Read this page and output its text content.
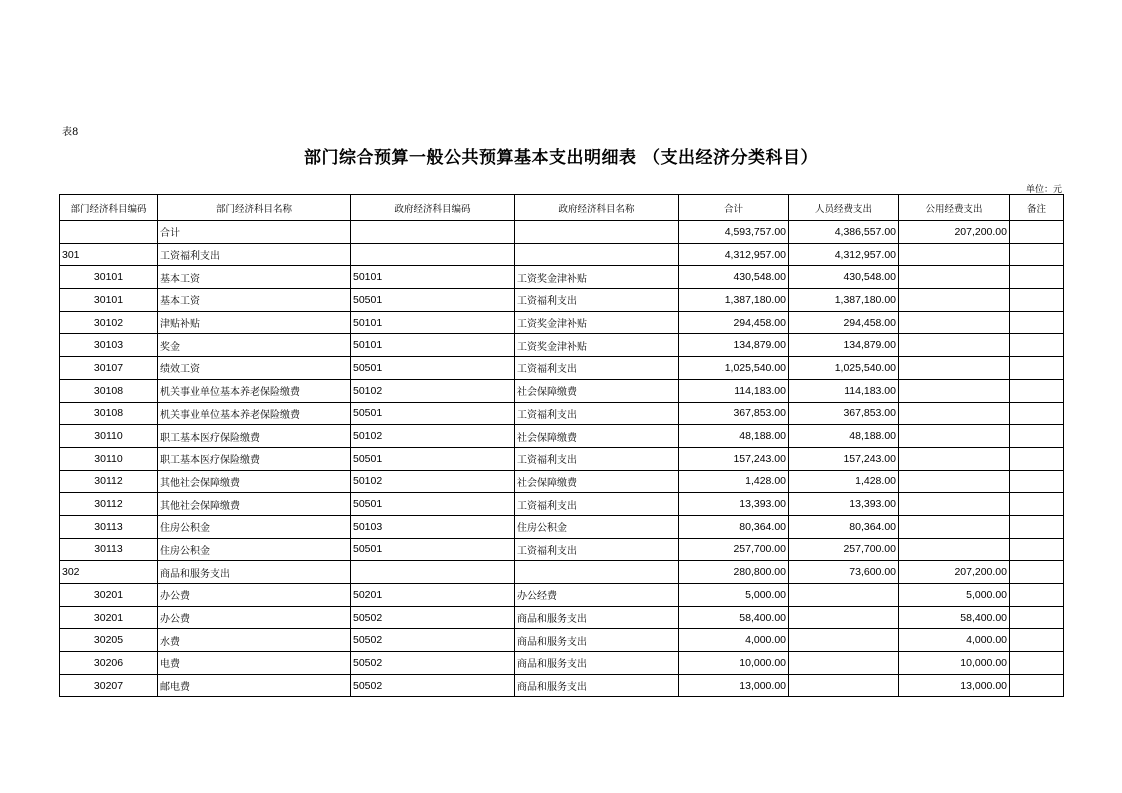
表8
部门综合预算一般公共预算基本支出明细表 （支出经济分类科目）
单位：元
部门经济科目编码	部门经济科目名称	政府经济科目编码	政府经济科目名称	合计	人员经费支出	公用经费支出	备注
	合计			4,593,757.00	4,386,557.00	207,200.00	
301	工资福利支出			4,312,957.00	4,312,957.00		
30101	基本工资	50101	工资奖金津补贴	430,548.00	430,548.00		
30101	基本工资	50501	工资福利支出	1,387,180.00	1,387,180.00		
30102	津贴补贴	50101	工资奖金津补贴	294,458.00	294,458.00		
30103	奖金	50101	工资奖金津补贴	134,879.00	134,879.00		
30107	绩效工资	50501	工资福利支出	1,025,540.00	1,025,540.00		
30108	机关事业单位基本养老保险缴费	50102	社会保障缴费	114,183.00	114,183.00		
30108	机关事业单位基本养老保险缴费	50501	工资福利支出	367,853.00	367,853.00		
30110	职工基本医疗保险缴费	50102	社会保障缴费	48,188.00	48,188.00		
30110	职工基本医疗保险缴费	50501	工资福利支出	157,243.00	157,243.00		
30112	其他社会保障缴费	50102	社会保障缴费	1,428.00	1,428.00		
30112	其他社会保障缴费	50501	工资福利支出	13,393.00	13,393.00		
30113	住房公积金	50103	住房公积金	80,364.00	80,364.00		
30113	住房公积金	50501	工资福利支出	257,700.00	257,700.00		
302	商品和服务支出			280,800.00	73,600.00	207,200.00	
30201	办公费	50201	办公经费	5,000.00		5,000.00	
30201	办公费	50502	商品和服务支出	58,400.00		58,400.00	
30205	水费	50502	商品和服务支出	4,000.00		4,000.00	
30206	电费	50502	商品和服务支出	10,000.00		10,000.00	
30207	邮电费	50502	商品和服务支出	13,000.00		13,000.00	
